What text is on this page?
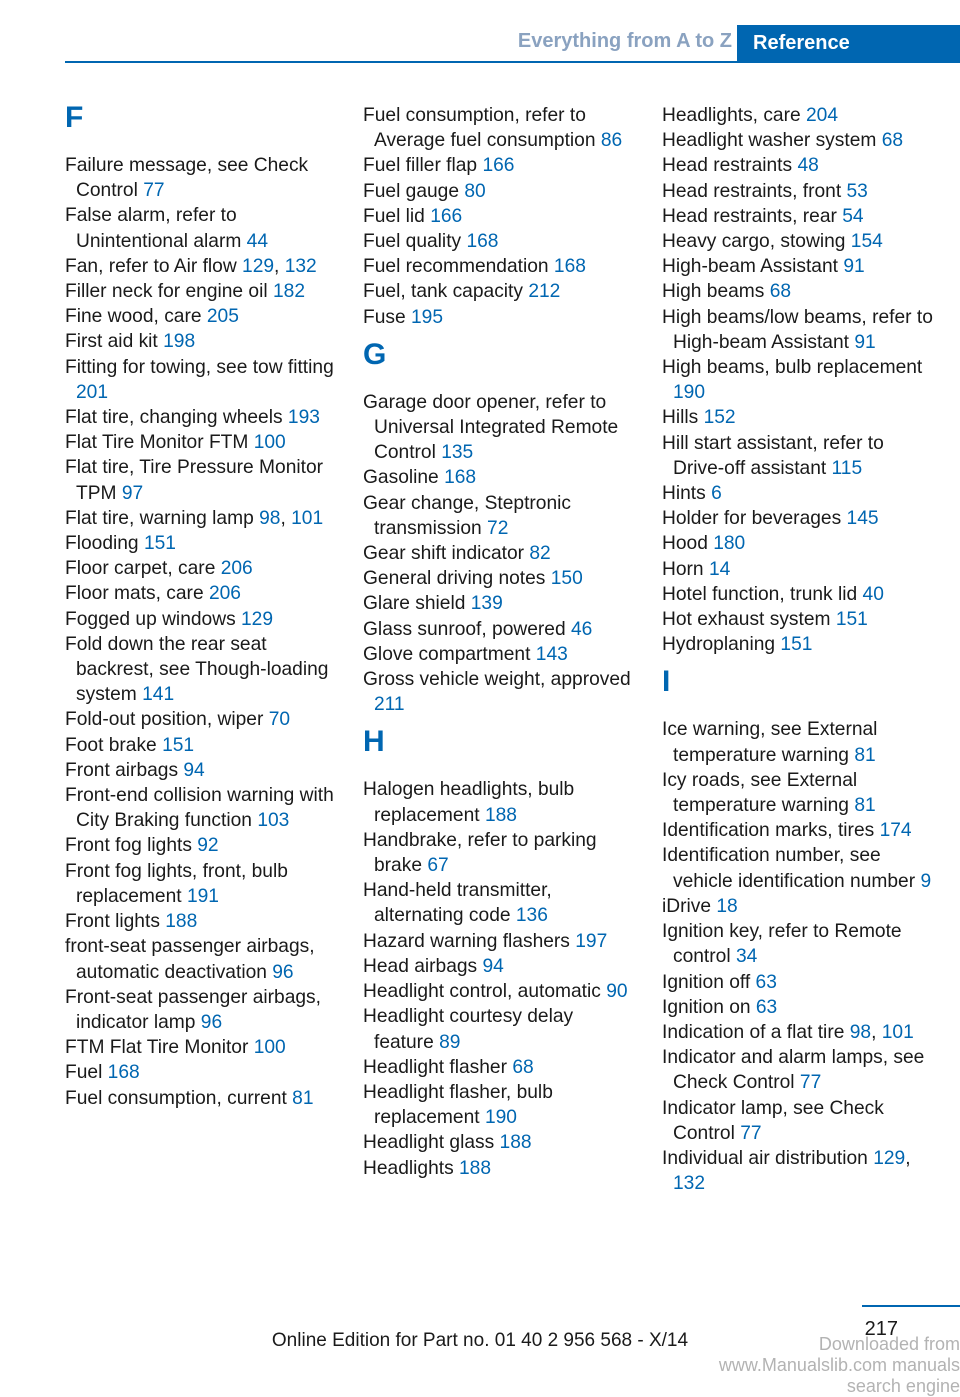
Everything from A to Z	Reference
F
Failure message, see Check Control 77
False alarm, refer to Unintentional alarm 44
Fan, refer to Air flow 129, 132
Filler neck for engine oil 182
Fine wood, care 205
First aid kit 198
Fitting for towing, see tow fitting 201
Flat tire, changing wheels 193
Flat Tire Monitor FTM 100
Flat tire, Tire Pressure Monitor TPM 97
Flat tire, warning lamp 98, 101
Flooding 151
Floor carpet, care 206
Floor mats, care 206
Fogged up windows 129
Fold down the rear seat backrest, see Though-loading system 141
Fold-out position, wiper 70
Foot brake 151
Front airbags 94
Front-end collision warning with City Braking function 103
Front fog lights 92
Front fog lights, front, bulb replacement 191
Front lights 188
front-seat passenger airbags, automatic deactivation 96
Front-seat passenger airbags, indicator lamp 96
FTM Flat Tire Monitor 100
Fuel 168
Fuel consumption, current 81
Fuel consumption, refer to Average fuel consumption 86
Fuel filler flap 166
Fuel gauge 80
Fuel lid 166
Fuel quality 168
Fuel recommendation 168
Fuel, tank capacity 212
Fuse 195
G
Garage door opener, refer to Universal Integrated Remote Control 135
Gasoline 168
Gear change, Steptronic transmission 72
Gear shift indicator 82
General driving notes 150
Glare shield 139
Glass sunroof, powered 46
Glove compartment 143
Gross vehicle weight, approved 211
H
Halogen headlights, bulb replacement 188
Handbrake, refer to parking brake 67
Hand-held transmitter, alternating code 136
Hazard warning flashers 197
Head airbags 94
Headlight control, automatic 90
Headlight courtesy delay feature 89
Headlight flasher 68
Headlight flasher, bulb replacement 190
Headlight glass 188
Headlights 188
Headlights, care 204
Headlight washer system 68
Head restraints 48
Head restraints, front 53
Head restraints, rear 54
Heavy cargo, stowing 154
High-beam Assistant 91
High beams 68
High beams/low beams, refer to High-beam Assistant 91
High beams, bulb replacement 190
Hills 152
Hill start assistant, refer to Drive-off assistant 115
Hints 6
Holder for beverages 145
Hood 180
Horn 14
Hotel function, trunk lid 40
Hot exhaust system 151
Hydroplaning 151
I
Ice warning, see External temperature warning 81
Icy roads, see External temperature warning 81
Identification marks, tires 174
Identification number, see vehicle identification number 9
iDrive 18
Ignition key, refer to Remote control 34
Ignition off 63
Ignition on 63
Indication of a flat tire 98, 101
Indicator and alarm lamps, see Check Control 77
Indicator lamp, see Check Control 77
Individual air distribution 129, 132
217
Online Edition for Part no. 01 40 2 956 568 - X/14	Downloaded from www.Manualslib.com manuals search engine
